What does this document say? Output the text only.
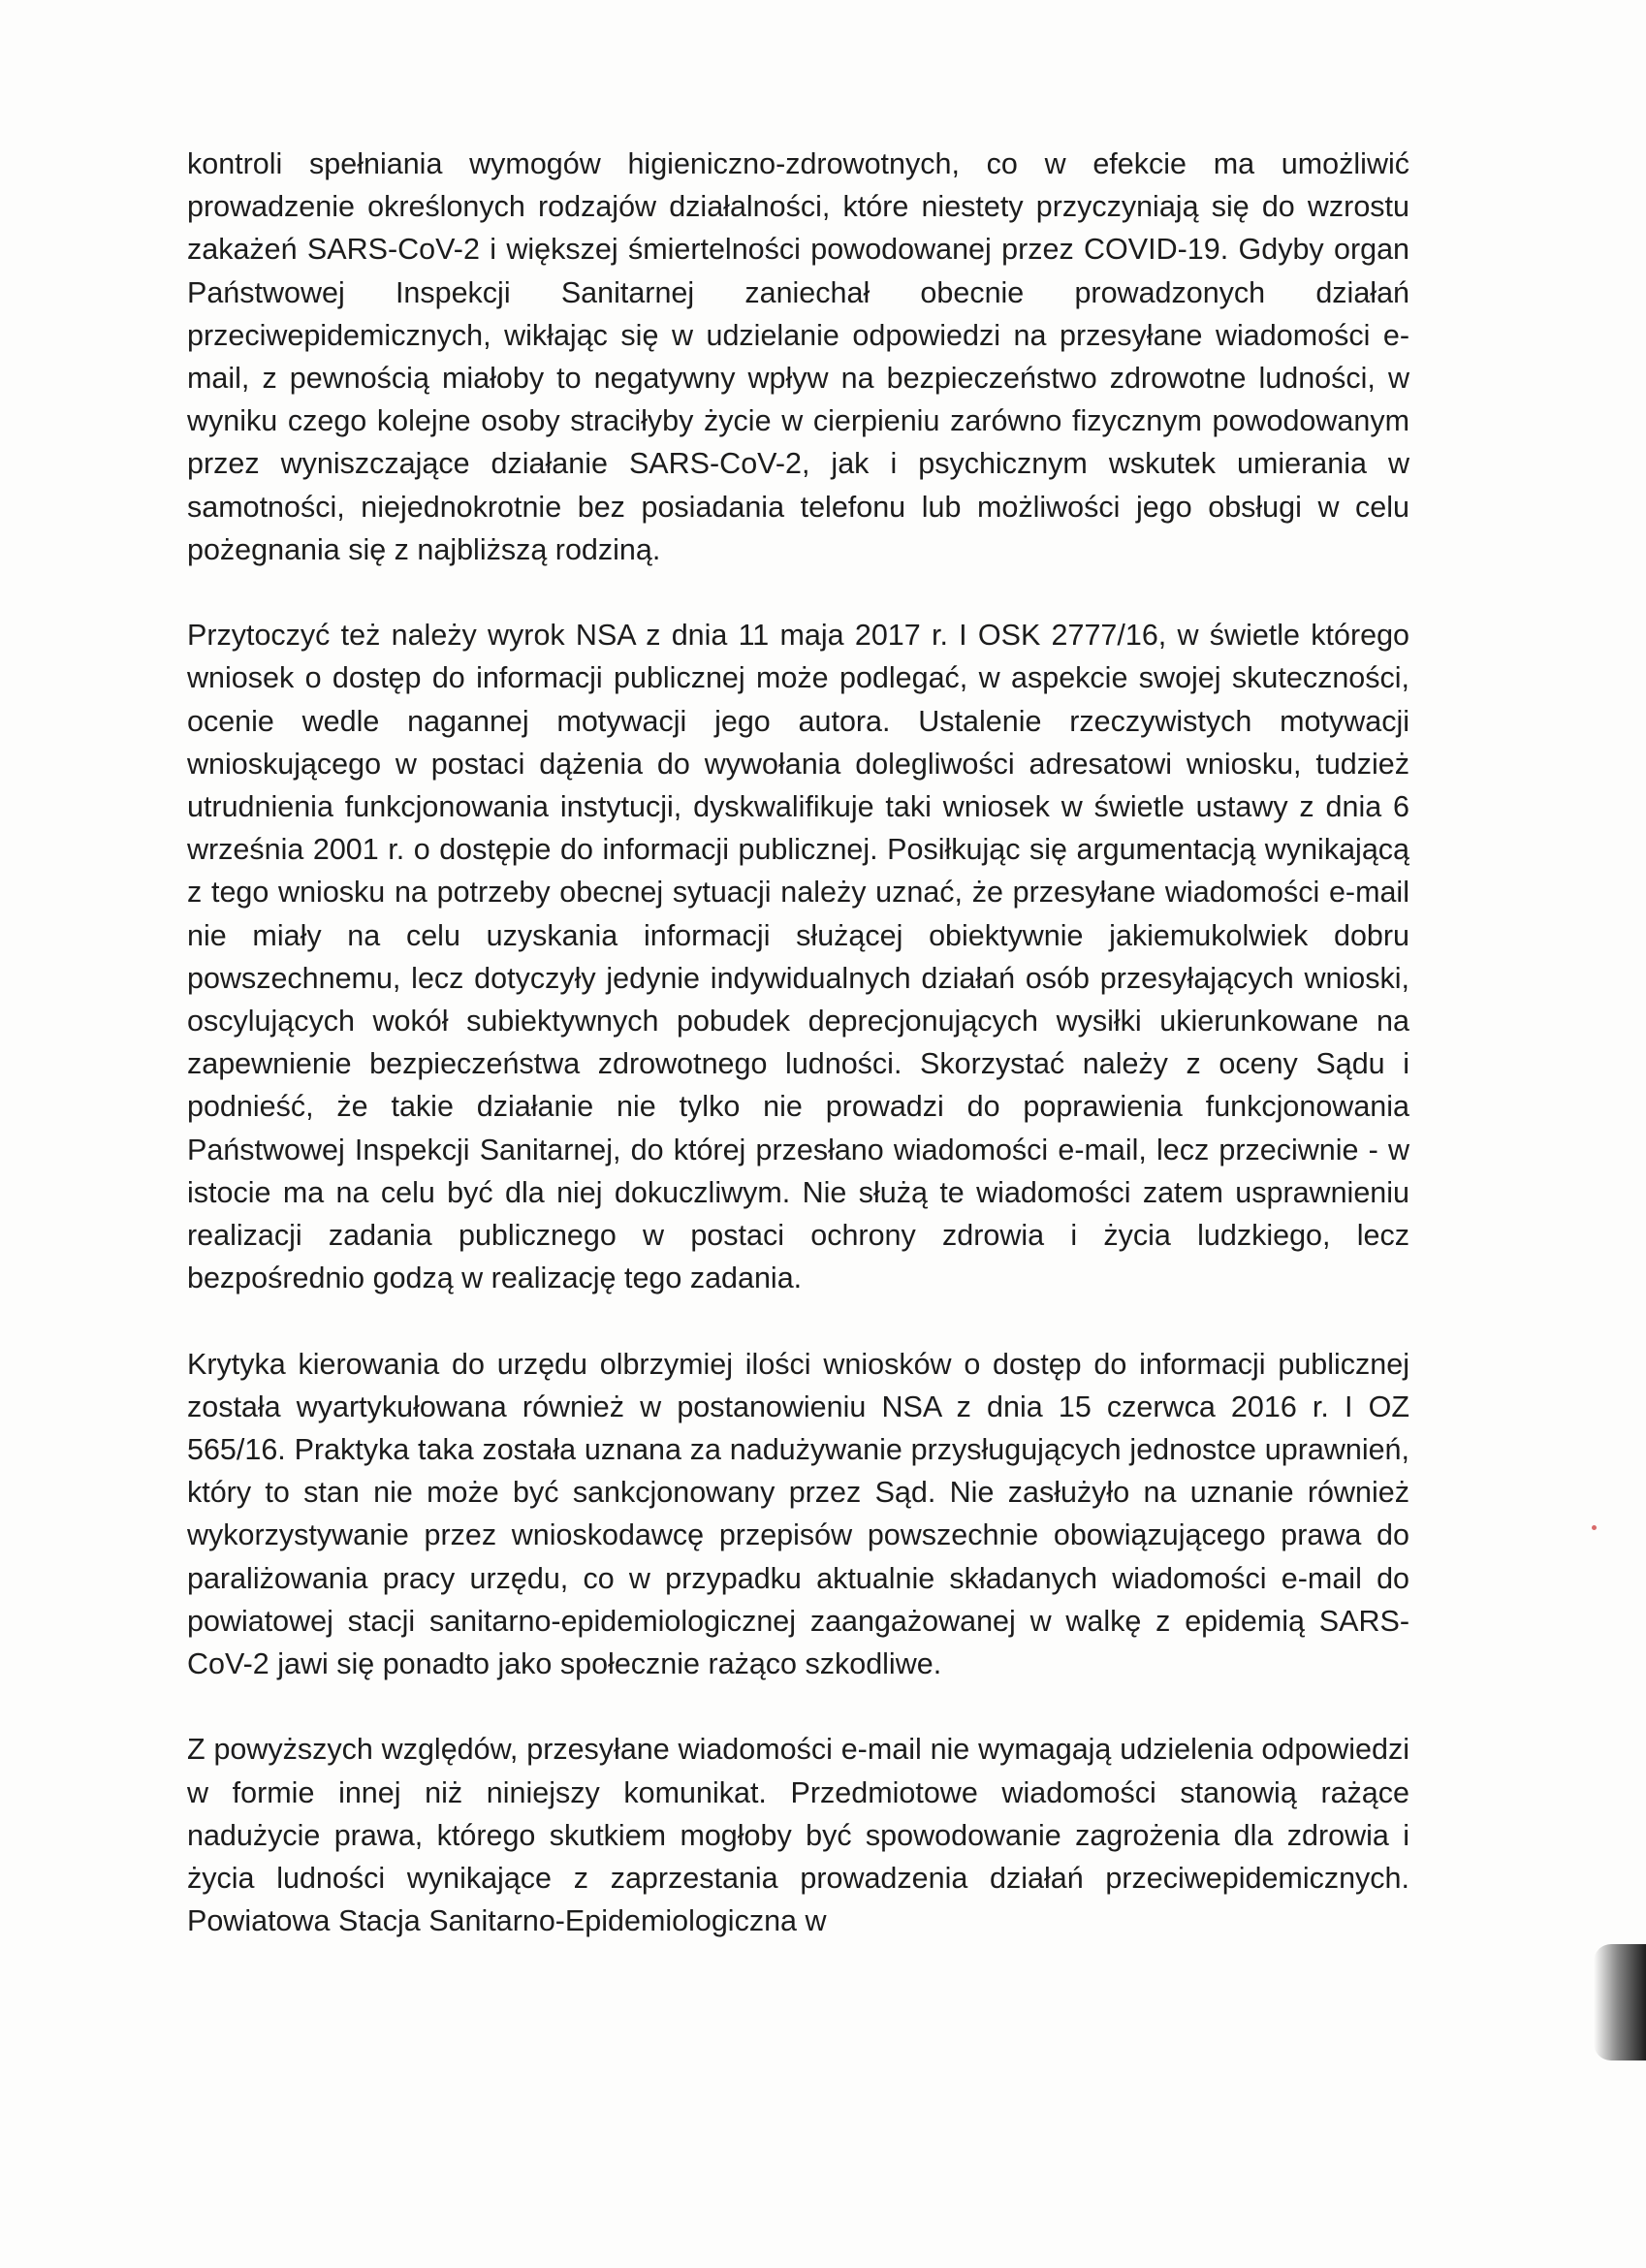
kontroli spełniania wymogów higieniczno-zdrowotnych, co w efekcie ma umożliwić prowadzenie określonych rodzajów działalności, które niestety przyczyniają się do wzrostu zakażeń SARS-CoV-2 i większej śmiertelności powodowanej przez COVID-19. Gdyby organ Państwowej Inspekcji Sanitarnej zaniechał obecnie prowadzonych działań przeciwepidemicznych, wikłając się w udzielanie odpowiedzi na przesyłane wiadomości e-mail, z pewnością miałoby to negatywny wpływ na bezpieczeństwo zdrowotne ludności, w wyniku czego kolejne osoby straciłyby życie w cierpieniu zarówno fizycznym powodowanym przez wyniszczające działanie SARS-CoV-2, jak i psychicznym wskutek umierania w samotności, niejednokrotnie bez posiadania telefonu lub możliwości jego obsługi w celu pożegnania się z najbliższą rodziną.

Przytoczyć też należy wyrok NSA z dnia 11 maja 2017 r. I OSK 2777/16, w świetle którego wniosek o dostęp do informacji publicznej może podlegać, w aspekcie swojej skuteczności, ocenie wedle nagannej motywacji jego autora. Ustalenie rzeczywistych motywacji wnioskującego w postaci dążenia do wywołania dolegliwości adresatowi wniosku, tudzież utrudnienia funkcjonowania instytucji, dyskwalifikuje taki wniosek w świetle ustawy z dnia 6 września 2001 r. o dostępie do informacji publicznej. Posiłkując się argumentacją wynikającą z tego wniosku na potrzeby obecnej sytuacji należy uznać, że przesyłane wiadomości e-mail nie miały na celu uzyskania informacji służącej obiektywnie jakiemukolwiek dobru powszechnemu, lecz dotyczyły jedynie indywidualnych działań osób przesyłających wnioski, oscylujących wokół subiektywnych pobudek deprecjonujących wysiłki ukierunkowane na zapewnienie bezpieczeństwa zdrowotnego ludności. Skorzystać należy z oceny Sądu i podnieść, że takie działanie nie tylko nie prowadzi do poprawienia funkcjonowania Państwowej Inspekcji Sanitarnej, do której przesłano wiadomości e-mail, lecz przeciwnie - w istocie ma na celu być dla niej dokuczliwym. Nie służą te wiadomości zatem usprawnieniu realizacji zadania publicznego w postaci ochrony zdrowia i życia ludzkiego, lecz bezpośrednio godzą w realizację tego zadania.

Krytyka kierowania do urzędu olbrzymiej ilości wniosków o dostęp do informacji publicznej została wyartykułowana również w postanowieniu NSA z dnia 15 czerwca 2016 r. I OZ 565/16. Praktyka taka została uznana za nadużywanie przysługujących jednostce uprawnień, który to stan nie może być sankcjonowany przez Sąd. Nie zasłużyło na uznanie również wykorzystywanie przez wnioskodawcę przepisów powszechnie obowiązującego prawa do paraliżowania pracy urzędu, co w przypadku aktualnie składanych wiadomości e-mail do powiatowej stacji sanitarno-epidemiologicznej zaangażowanej w walkę z epidemią SARS-CoV-2 jawi się ponadto jako społecznie rażąco szkodliwe.

Z powyższych względów, przesyłane wiadomości e-mail nie wymagają udzielenia odpowiedzi w formie innej niż niniejszy komunikat. Przedmiotowe wiadomości stanowią rażące nadużycie prawa, którego skutkiem mogłoby być spowodowanie zagrożenia dla zdrowia i życia ludności wynikające z zaprzestania prowadzenia działań przeciwepidemicznych. Powiatowa Stacja Sanitarno-Epidemiologiczna w
